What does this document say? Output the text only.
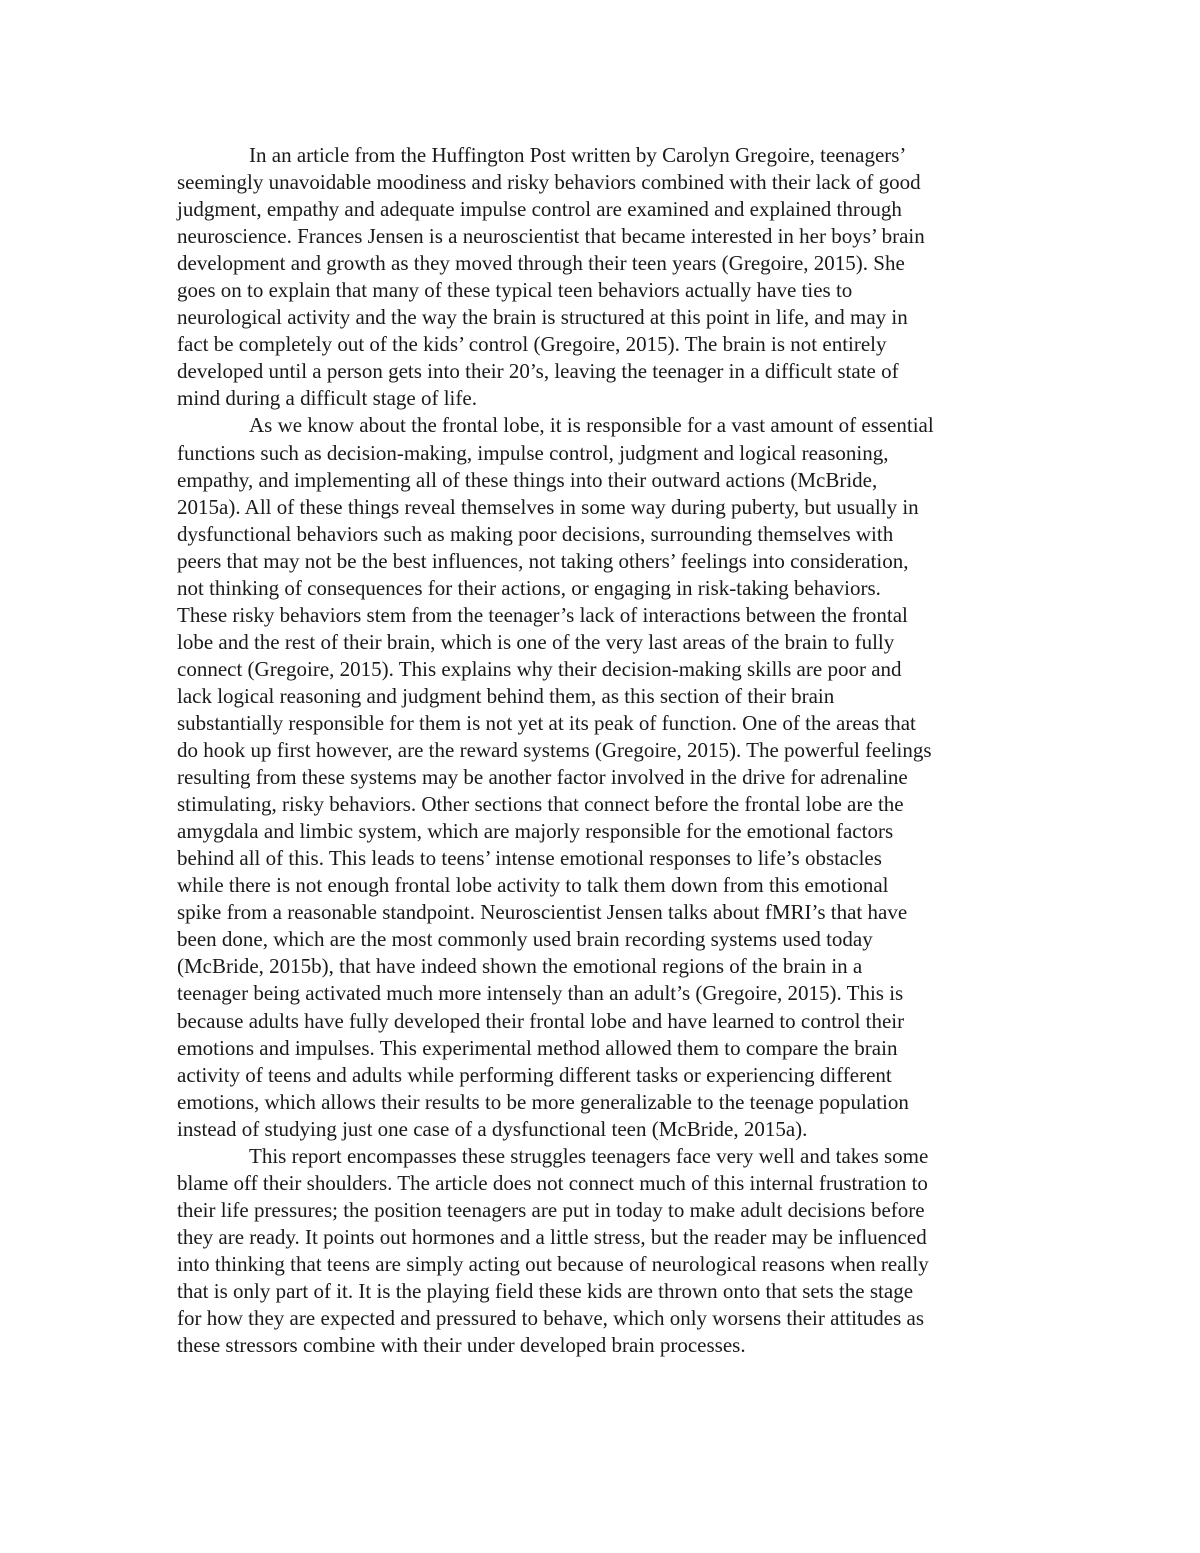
In an article from the Huffington Post written by Carolyn Gregoire, teenagers’
seemingly unavoidable moodiness and risky behaviors combined with their lack of good
judgment, empathy and adequate impulse control are examined and explained through
neuroscience. Frances Jensen is a neuroscientist that became interested in her boys’ brain
development and growth as they moved through their teen years (Gregoire, 2015). She
goes on to explain that many of these typical teen behaviors actually have ties to
neurological activity and the way the brain is structured at this point in life, and may in
fact be completely out of the kids’ control (Gregoire, 2015). The brain is not entirely
developed until a person gets into their 20’s, leaving the teenager in a difficult state of
mind during a difficult stage of life.
As we know about the frontal lobe, it is responsible for a vast amount of essential
functions such as decision-making, impulse control, judgment and logical reasoning,
empathy, and implementing all of these things into their outward actions (McBride,
2015a). All of these things reveal themselves in some way during puberty, but usually in
dysfunctional behaviors such as making poor decisions, surrounding themselves with
peers that may not be the best influences, not taking others’ feelings into consideration,
not thinking of consequences for their actions, or engaging in risk-taking behaviors.
These risky behaviors stem from the teenager’s lack of interactions between the frontal
lobe and the rest of their brain, which is one of the very last areas of the brain to fully
connect (Gregoire, 2015). This explains why their decision-making skills are poor and
lack logical reasoning and judgment behind them, as this section of their brain
substantially responsible for them is not yet at its peak of function. One of the areas that
do hook up first however, are the reward systems (Gregoire, 2015). The powerful feelings
resulting from these systems may be another factor involved in the drive for adrenaline
stimulating, risky behaviors. Other sections that connect before the frontal lobe are the
amygdala and limbic system, which are majorly responsible for the emotional factors
behind all of this. This leads to teens’ intense emotional responses to life’s obstacles
while there is not enough frontal lobe activity to talk them down from this emotional
spike from a reasonable standpoint. Neuroscientist Jensen talks about fMRI’s that have
been done, which are the most commonly used brain recording systems used today
(McBride, 2015b), that have indeed shown the emotional regions of the brain in a
teenager being activated much more intensely than an adult’s (Gregoire, 2015). This is
because adults have fully developed their frontal lobe and have learned to control their
emotions and impulses. This experimental method allowed them to compare the brain
activity of teens and adults while performing different tasks or experiencing different
emotions, which allows their results to be more generalizable to the teenage population
instead of studying just one case of a dysfunctional teen (McBride, 2015a).
This report encompasses these struggles teenagers face very well and takes some
blame off their shoulders. The article does not connect much of this internal frustration to
their life pressures; the position teenagers are put in today to make adult decisions before
they are ready. It points out hormones and a little stress, but the reader may be influenced
into thinking that teens are simply acting out because of neurological reasons when really
that is only part of it. It is the playing field these kids are thrown onto that sets the stage
for how they are expected and pressured to behave, which only worsens their attitudes as
these stressors combine with their under developed brain processes.
